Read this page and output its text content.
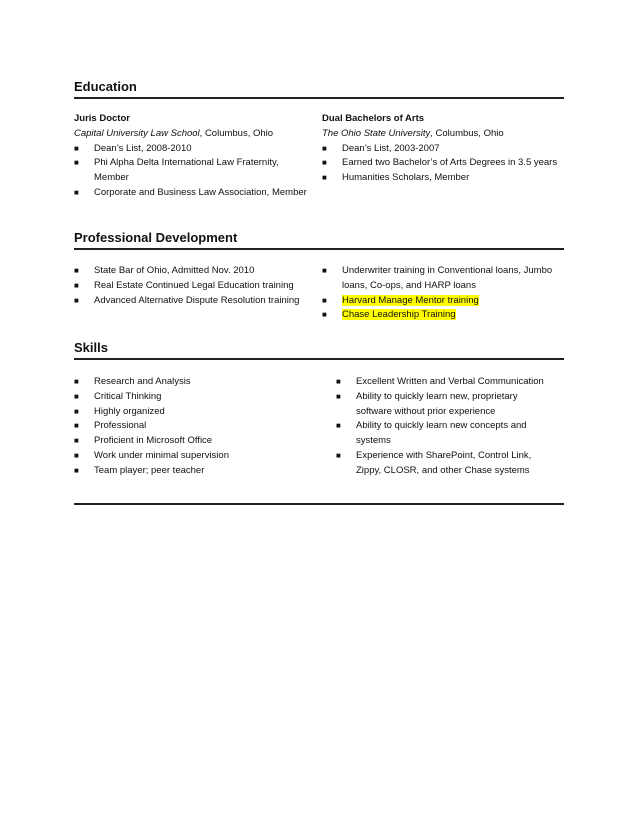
Education
Juris Doctor
Capital University Law School, Columbus, Ohio
■ Dean’s List, 2008-2010
■ Phi Alpha Delta International Law Fraternity, Member
■ Corporate and Business Law Association, Member
Dual Bachelors of Arts
The Ohio State University, Columbus, Ohio
■ Dean’s List, 2003-2007
■ Earned two Bachelor’s of Arts Degrees in 3.5 years
■ Humanities Scholars, Member
Professional Development
■ State Bar of Ohio, Admitted Nov. 2010
■ Real Estate Continued Legal Education training
■ Advanced Alternative Dispute Resolution training
■ Underwriter training in Conventional loans, Jumbo loans, Co-ops, and HARP loans
■ Harvard Manage Mentor training
■ Chase Leadership Training
Skills
■ Research and Analysis
■ Critical Thinking
■ Highly organized
■ Professional
■ Proficient in Microsoft Office
■ Work under minimal supervision
■ Team player; peer teacher
■ Excellent Written and Verbal Communication
■ Ability to quickly learn new, proprietary software without prior experience
■ Ability to quickly learn new concepts and systems
■ Experience with SharePoint, Control Link, Zippy, CLOSR, and other Chase systems
